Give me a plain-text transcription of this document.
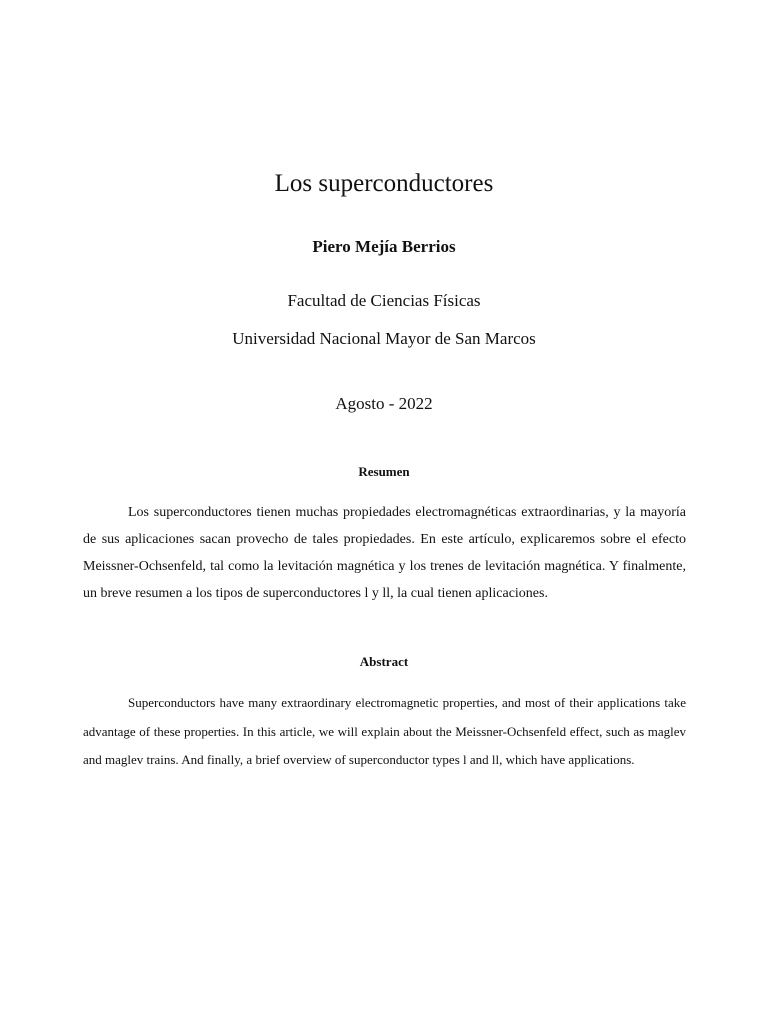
Los superconductores

Piero Mejía Berrios

Facultad de Ciencias Físicas

Universidad Nacional Mayor de San Marcos

Agosto - 2022

Resumen

Los superconductores tienen muchas propiedades electromagnéticas extraordinarias, y la mayoría de sus aplicaciones sacan provecho de tales propiedades. En este artículo, explicaremos sobre el efecto Meissner-Ochsenfeld, tal como la levitación magnética y los trenes de levitación magnética. Y finalmente, un breve resumen a los tipos de superconductores l y ll, la cual tienen aplicaciones.

Abstract

Superconductors have many extraordinary electromagnetic properties, and most of their applications take advantage of these properties. In this article, we will explain about the Meissner-Ochsenfeld effect, such as maglev and maglev trains. And finally, a brief overview of superconductor types l and ll, which have applications.
